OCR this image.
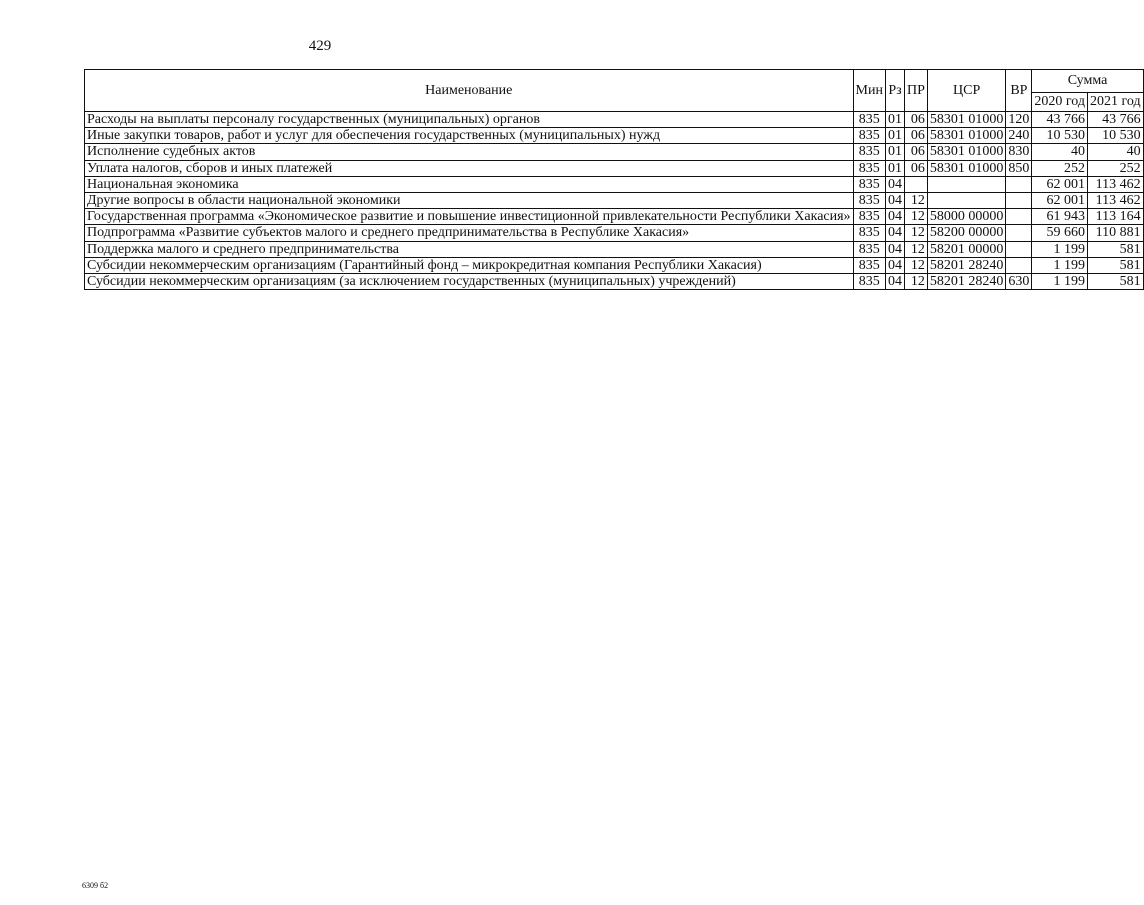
429
Наименование	Мин	Рз	ПР	ЦСР	ВР	Сумма	
						2020 год	2021 год
Расходы на выплаты персоналу государственных (муниципальных) органов	835	01	06	58301 01000	120	43 766	43 766
Иные закупки товаров, работ и услуг для обеспечения государственных (муниципальных) нужд	835	01	06	58301 01000	240	10 530	10 530
Исполнение судебных актов	835	01	06	58301 01000	830	40	40
Уплата налогов, сборов и иных платежей	835	01	06	58301 01000	850	252	252
Национальная экономика	835	04				62 001	113 462
Другие вопросы в области национальной экономики	835	04	12			62 001	113 462
Государственная программа «Экономическое развитие и повышение инвестиционной привлекательности Республики Хакасия»	835	04	12	58000 00000		61 943	113 164
Подпрограмма «Развитие субъектов малого и среднего предпринимательства в Республике Хакасия»	835	04	12	58200 00000		59 660	110 881
Поддержка малого и среднего предпринимательства	835	04	12	58201 00000		1 199	581
Субсидии некоммерческим организациям (Гарантийный фонд – микрокредитная компания Республики Хакасия)	835	04	12	58201 28240		1 199	581
Субсидии некоммерческим организациям (за исключением государственных (муниципальных) учреждений)	835	04	12	58201 28240	630	1 199	581
6309 б2
